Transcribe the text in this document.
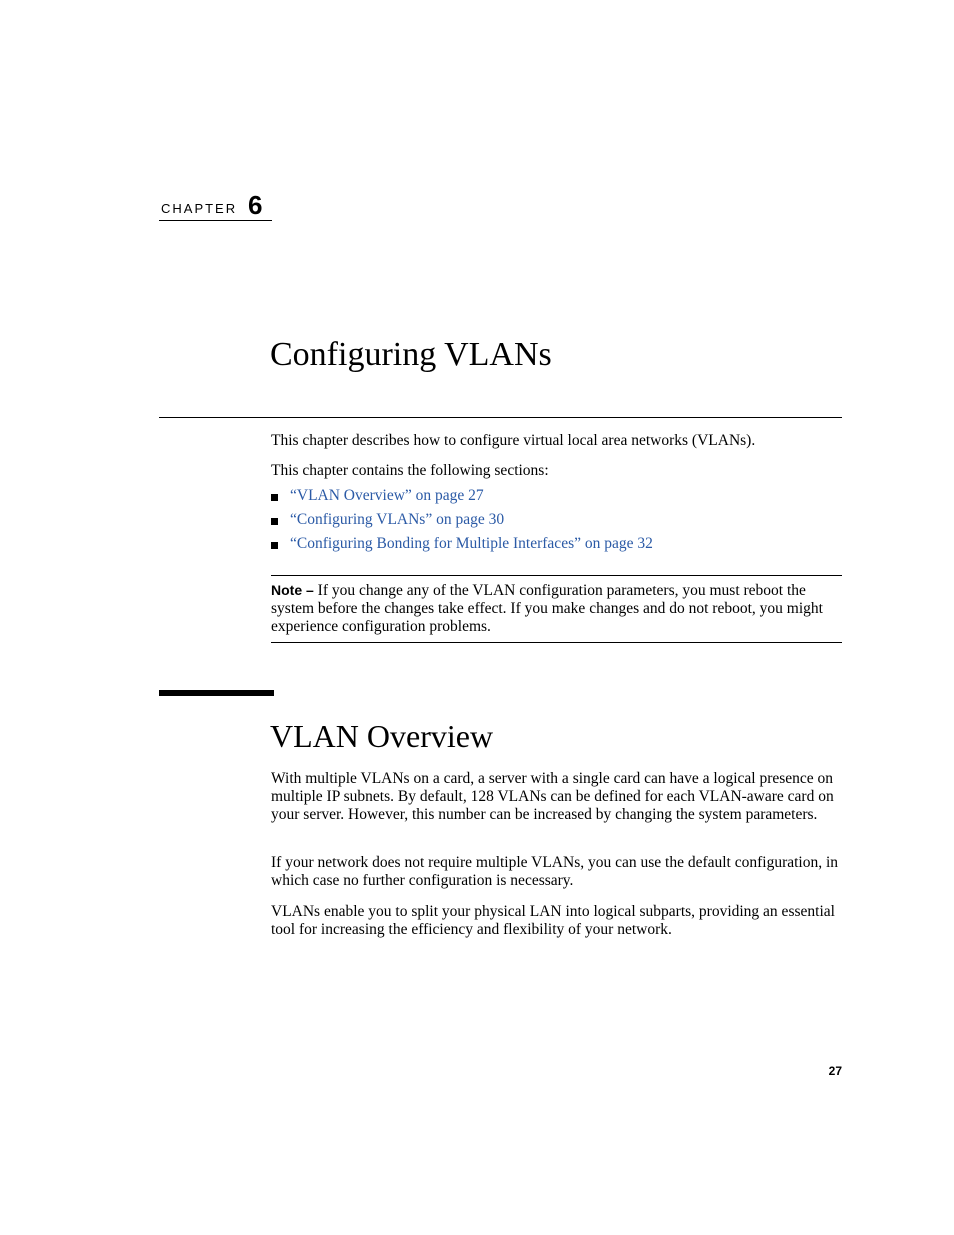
CHAPTER 6
Configuring VLANs

This chapter describes how to configure virtual local area networks (VLANs).

This chapter contains the following sections:

“VLAN Overview” on page 27
“Configuring VLANs” on page 30
“Configuring Bonding for Multiple Interfaces” on page 32

Note – If you change any of the VLAN configuration parameters, you must reboot the system before the changes take effect. If you make changes and do not reboot, you might experience configuration problems.

VLAN Overview

With multiple VLANs on a card, a server with a single card can have a logical presence on multiple IP subnets. By default, 128 VLANs can be defined for each VLAN-aware card on your server. However, this number can be increased by changing the system parameters.

If your network does not require multiple VLANs, you can use the default configuration, in which case no further configuration is necessary.

VLANs enable you to split your physical LAN into logical subparts, providing an essential tool for increasing the efficiency and flexibility of your network.

27
